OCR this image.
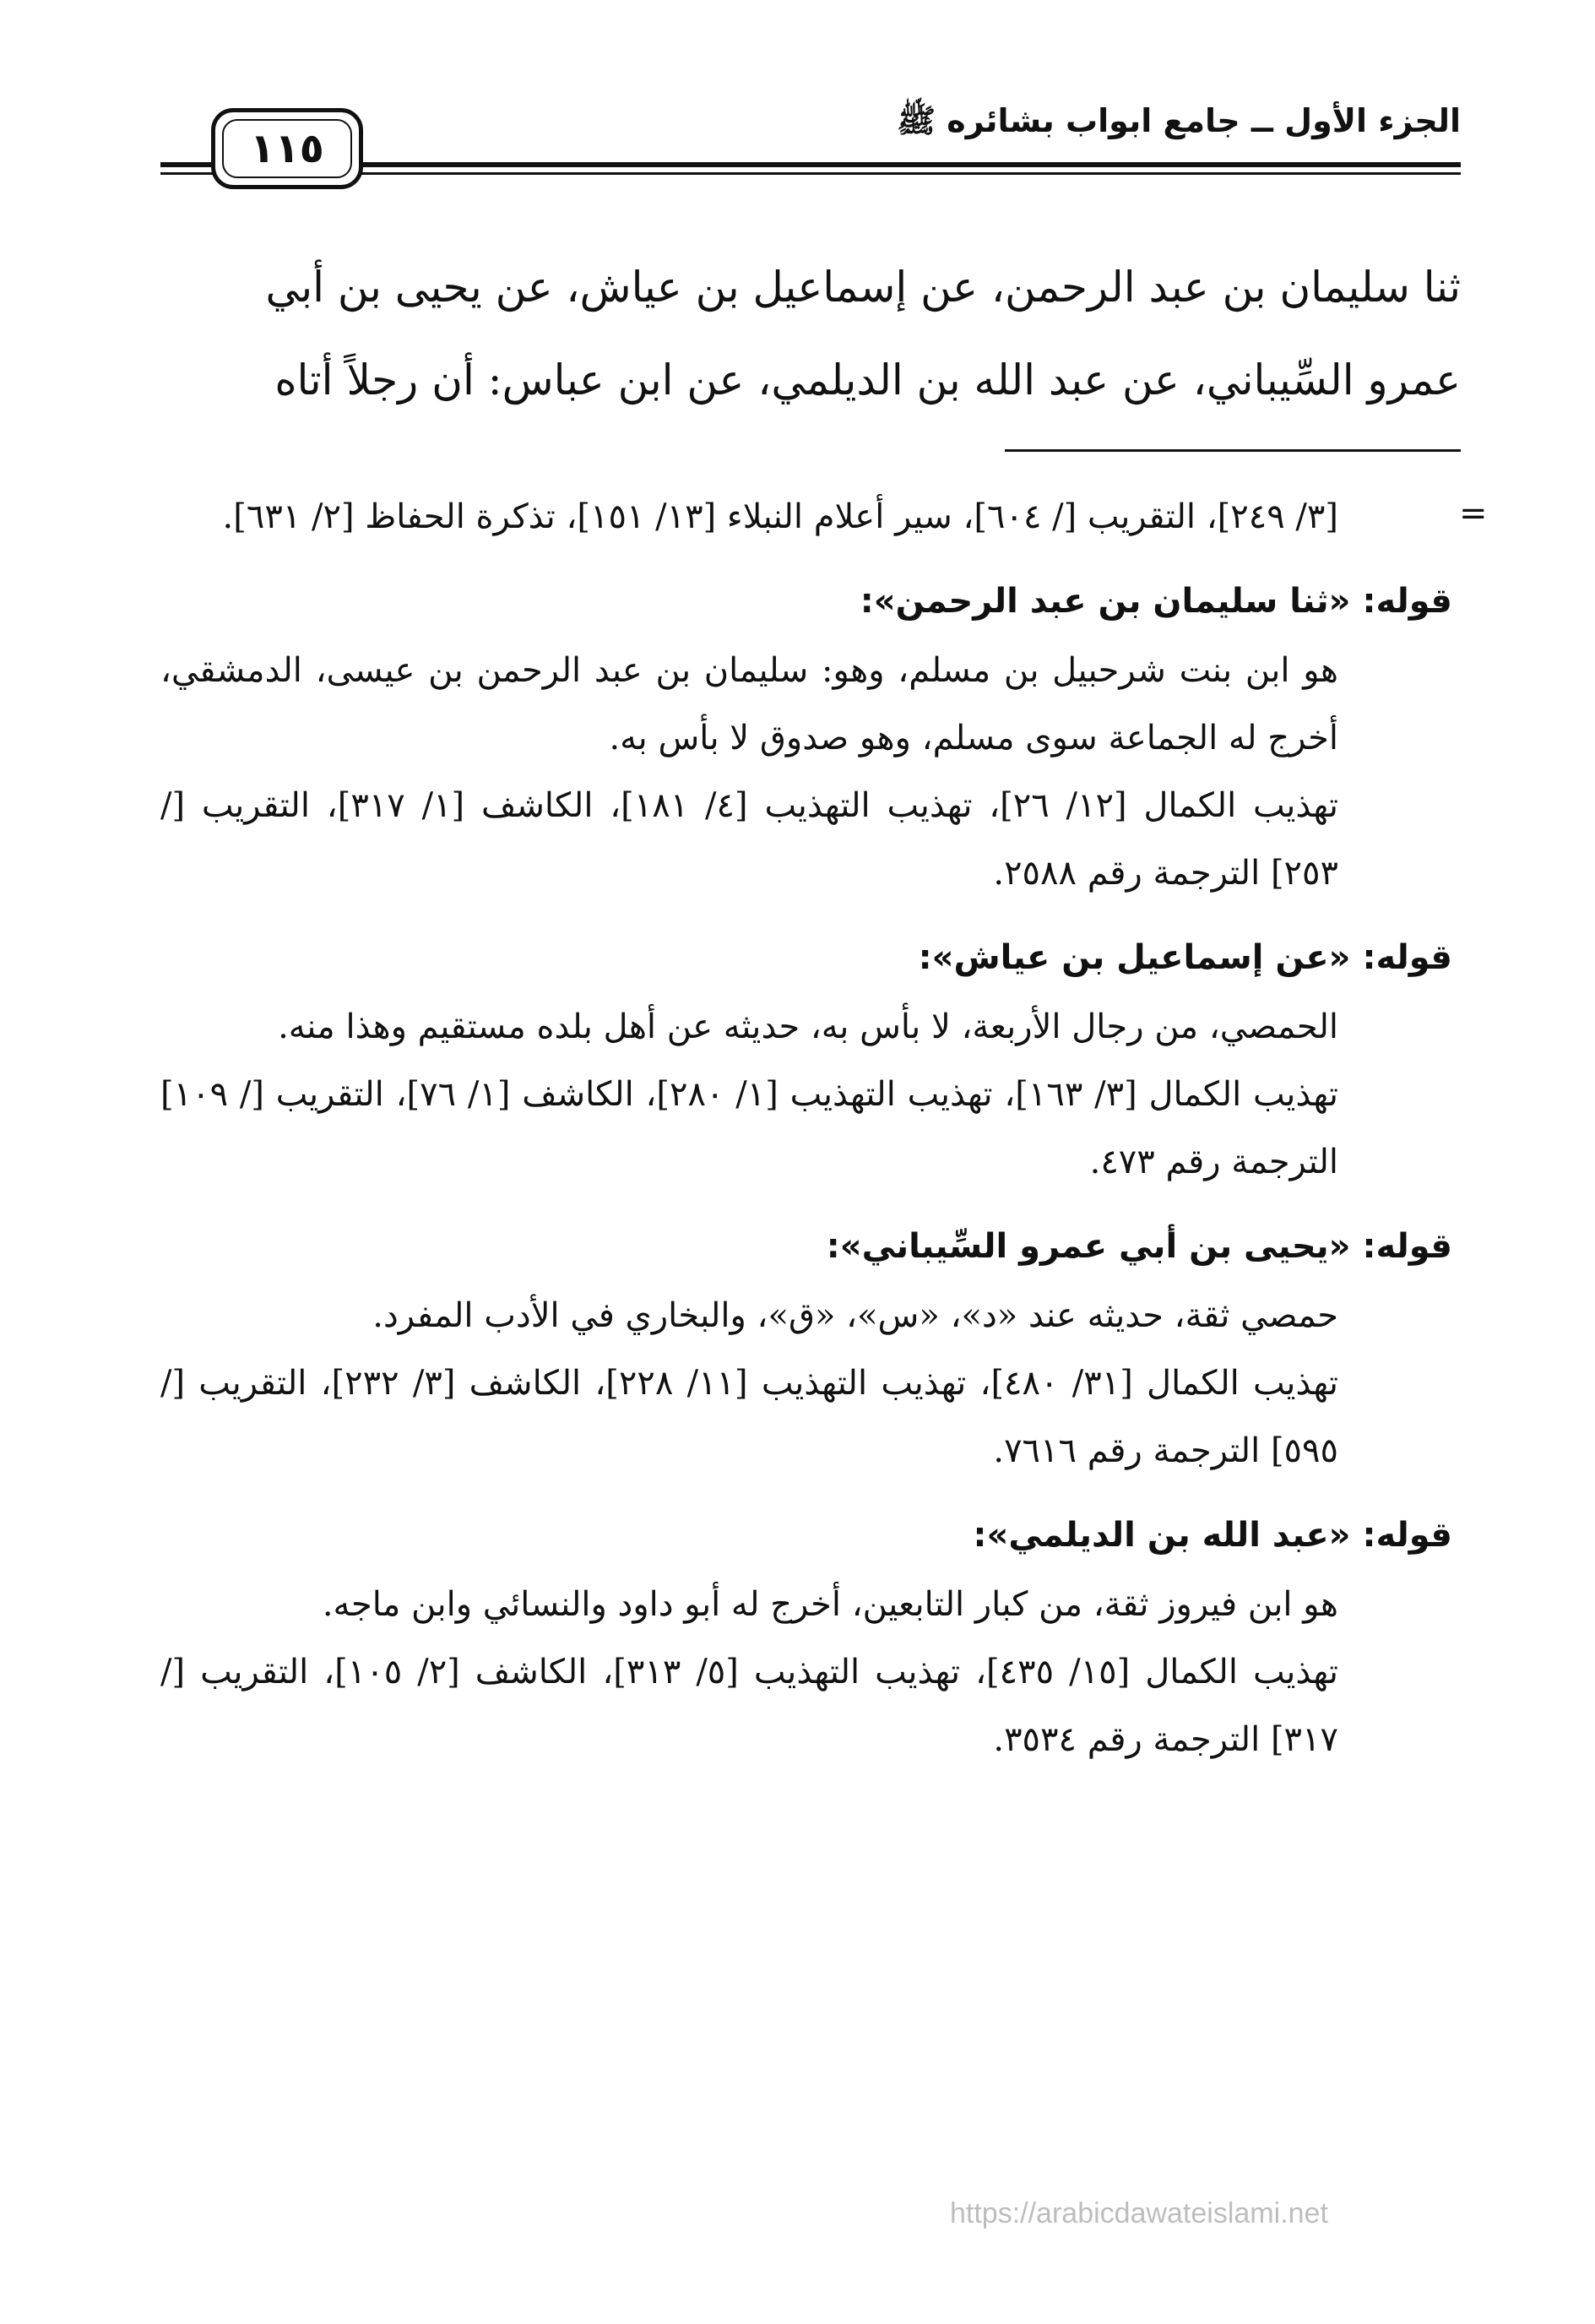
الجزء الأول ــ جامع ابواب بشائره ﷺ
١١٥

ثنا سليمان بن عبد الرحمن، عن إسماعيل بن عياش، عن يحيى بن أبي

عمرو السِّيباني، عن عبد الله بن الديلمي، عن ابن عباس: أن رجلاً أتاه

=

[٣/ ٢٤٩]، التقريب [/ ٦٠٤]، سير أعلام النبلاء [١٣/ ١٥١]، تذكرة الحفاظ [٢/ ٦٣١].

قوله: «ثنا سليمان بن عبد الرحمن»:

هو ابن بنت شرحبيل بن مسلم، وهو: سليمان بن عبد الرحمن بن عيسى، الدمشقي، أخرج له الجماعة سوى مسلم، وهو صدوق لا بأس به.

تهذيب الكمال [١٢/ ٢٦]، تهذيب التهذيب [٤/ ١٨١]، الكاشف [١/ ٣١٧]، التقريب [/ ٢٥٣] الترجمة رقم ٢٥٨٨.

قوله: «عن إسماعيل بن عياش»:

الحمصي، من رجال الأربعة، لا بأس به، حديثه عن أهل بلده مستقيم وهذا منه.

تهذيب الكمال [٣/ ١٦٣]، تهذيب التهذيب [١/ ٢٨٠]، الكاشف [١/ ٧٦]، التقريب [/ ١٠٩] الترجمة رقم ٤٧٣.

قوله: «يحيى بن أبي عمرو السِّيباني»:

حمصي ثقة، حديثه عند «د»، «س»، «ق»، والبخاري في الأدب المفرد.

تهذيب الكمال [٣١/ ٤٨٠]، تهذيب التهذيب [١١/ ٢٢٨]، الكاشف [٣/ ٢٣٢]، التقريب [/ ٥٩٥] الترجمة رقم ٧٦١٦.

قوله: «عبد الله بن الديلمي»:

هو ابن فيروز ثقة، من كبار التابعين، أخرج له أبو داود والنسائي وابن ماجه.

تهذيب الكمال [١٥/ ٤٣٥]، تهذيب التهذيب [٥/ ٣١٣]، الكاشف [٢/ ١٠٥]، التقريب [/ ٣١٧] الترجمة رقم ٣٥٣٤.

https://arabicdawateislami.net
